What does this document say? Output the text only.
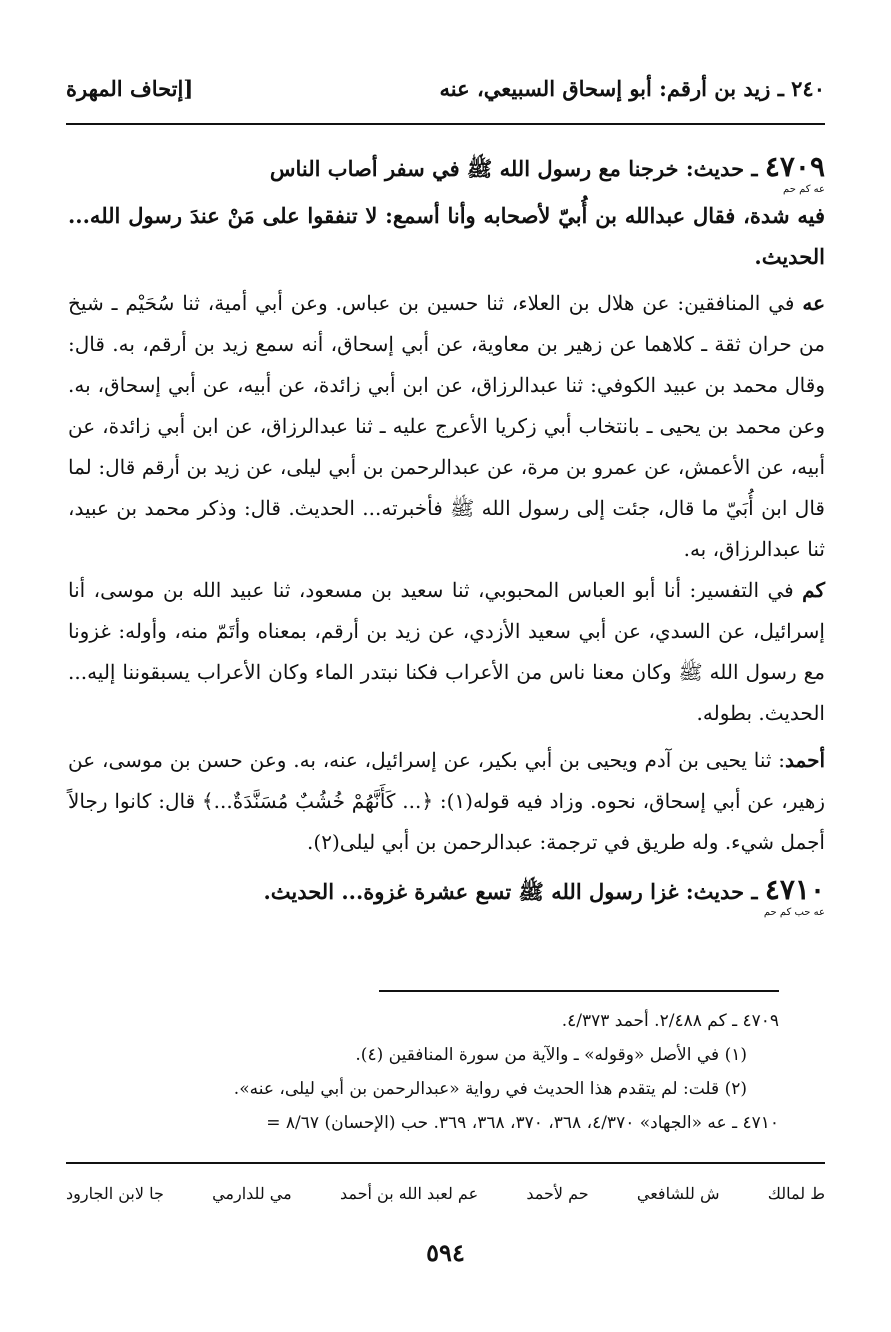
٢٤٠ ـ زيد بن أرقم: أبو إسحاق السبيعي، عنه
[إتحاف المهرة

٤٧٠٩ ـ حديث: خرجنا مع رسول الله ﷺ في سفر أصاب الناس

عه كم حم

فيه شدة، فقال عبدالله بن أُبيّ لأصحابه وأنا أسمع: لا تنفقوا على مَنْ عندَ رسول الله... الحديث.

عه في المنافقين: عن هلال بن العلاء، ثنا حسين بن عباس. وعن أبي أمية، ثنا سُحَيْم ـ شيخ من حران ثقة ـ كلاهما عن زهير بن معاوية، عن أبي إسحاق، أنه سمع زيد بن أرقم، به. قال: وقال محمد بن عبيد الكوفي: ثنا عبدالرزاق، عن ابن أبي زائدة، عن أبيه، عن أبي إسحاق، به. وعن محمد بن يحيى ـ بانتخاب أبي زكريا الأعرج عليه ـ ثنا عبدالرزاق، عن ابن أبي زائدة، عن أبيه، عن الأعمش، عن عمرو بن مرة، عن عبدالرحمن بن أبي ليلى، عن زيد بن أرقم قال: لما قال ابن أُبَيّ ما قال، جئت إلى رسول الله ﷺ فأخبرته... الحديث. قال: وذكر محمد بن عبيد، ثنا عبدالرزاق، به.

كم في التفسير: أنا أبو العباس المحبوبي، ثنا سعيد بن مسعود، ثنا عبيد الله بن موسى، أنا إسرائيل، عن السدي، عن أبي سعيد الأزدي، عن زيد بن أرقم، بمعناه وأتَمّ منه، وأوله: غزونا مع رسول الله ﷺ وكان معنا ناس من الأعراب فكنا نبتدر الماء وكان الأعراب يسبقوننا إليه... الحديث. بطوله.

أحمد: ثنا يحيى بن آدم ويحيى بن أبي بكير، عن إسرائيل، عنه، به. وعن حسن بن موسى، عن زهير، عن أبي إسحاق، نحوه. وزاد فيه قوله(١): ﴿... كَأَنَّهُمْ خُشُبٌ مُسَنَّدَةٌ...﴾ قال: كانوا رجالاً أجمل شيء. وله طريق في ترجمة: عبدالرحمن بن أبي ليلى(٢).

٤٧١٠ ـ حديث: غزا رسول الله ﷺ تسع عشرة غزوة... الحديث.

عه حب كم حم

٤٧٠٩ ـ كم ٢/٤٨٨. أحمد ٤/٣٧٣.

(١) في الأصل «وقوله» ـ والآية من سورة المنافقين (٤).

(٢) قلت: لم يتقدم هذا الحديث في رواية «عبدالرحمن بن أبي ليلى، عنه».

٤٧١٠ ـ عه «الجهاد» ٤/٣٧٠، ٣٦٨، ٣٧٠، ٣٦٨، ٣٦٩. حب (الإحسان) ٨/٦٧ =

ط لمالك
ش للشافعي
حم لأحمد
عم لعبد الله بن أحمد
مي للدارمي
جا لابن الجارود
٥٩٤
